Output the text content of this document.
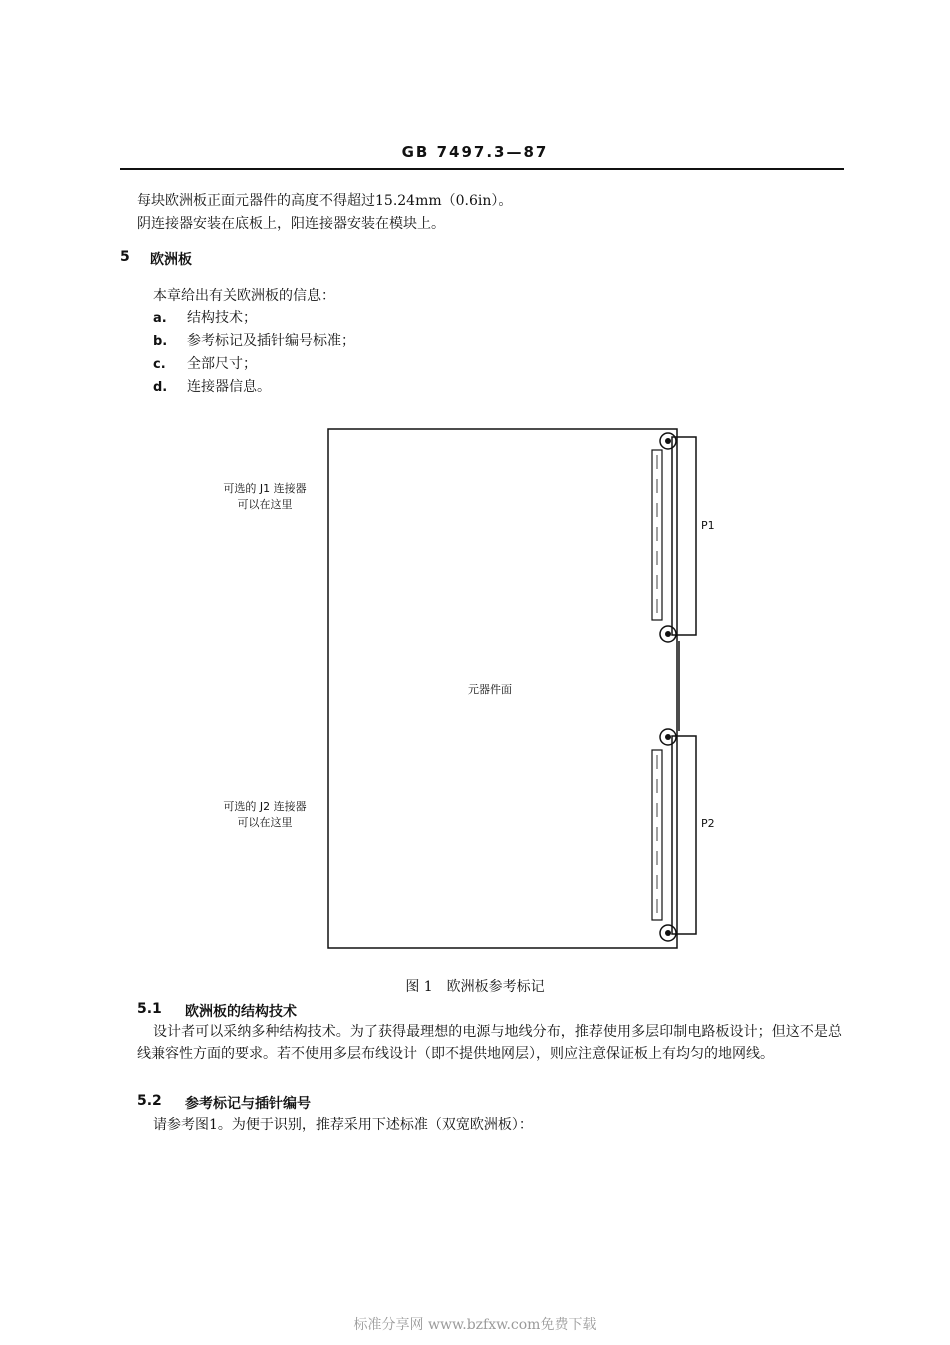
GB 7497.3—87
每块欧洲板正面元器件的高度不得超过15.24mm（0.6in）。
阴连接器安装在底板上，阳连接器安装在模块上。
5 欧洲板
本章给出有关欧洲板的信息：
a. 结构技术；
b. 参考标记及插针编号标准；
c. 全部尺寸；
d. 连接器信息。
可选的 J1 连接器
可以在这里
可选的 J2 连接器
可以在这里
元器件面
P1
P2
图 1　欧洲板参考标记
5.1 欧洲板的结构技术
设计者可以采纳多种结构技术。为了获得最理想的电源与地线分布，推荐使用多层印制电路板设计；但这不是总线兼容性方面的要求。若不使用多层布线设计（即不提供地网层），则应注意保证板上有均匀的地网线。
5.2 参考标记与插针编号
请参考图1。为便于识别，推荐采用下述标准（双宽欧洲板）：
标准分享网 www.bzfxw.com免费下载
